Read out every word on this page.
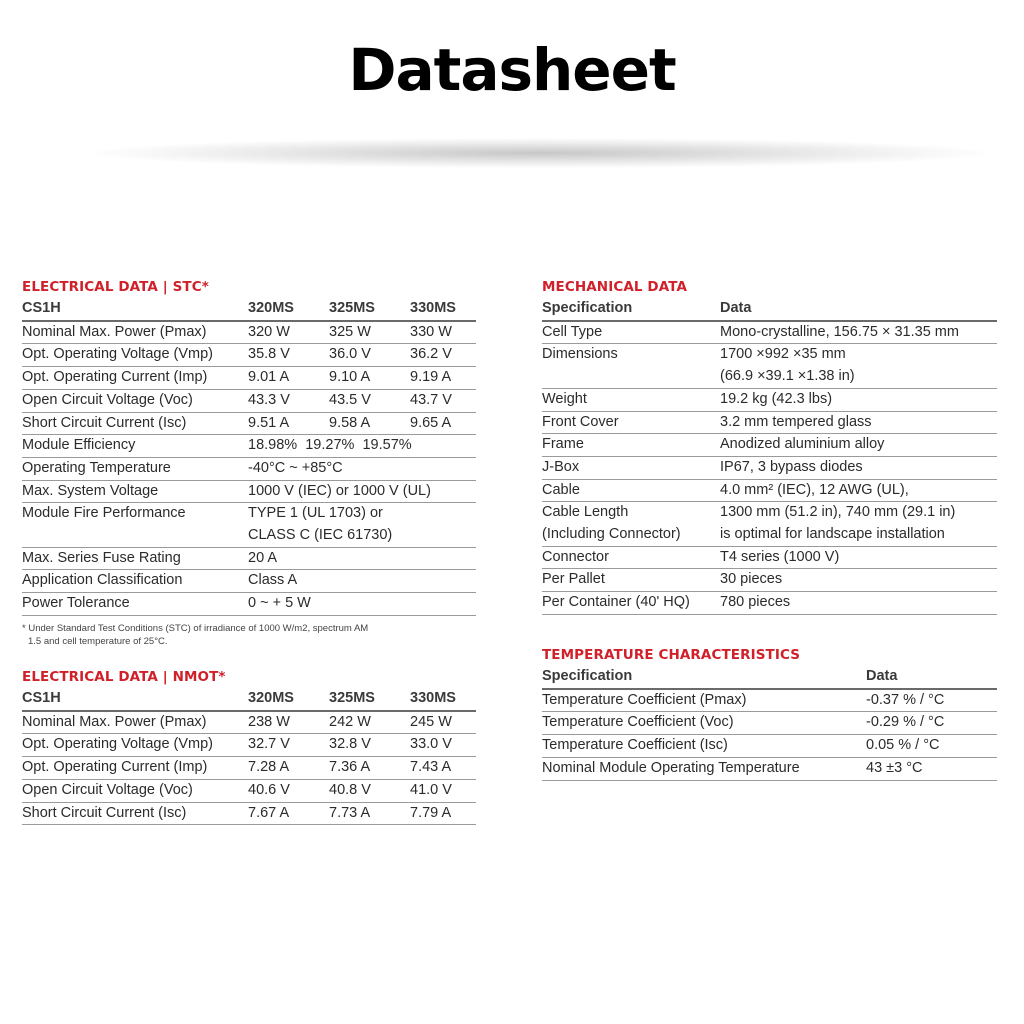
Datasheet
ELECTRICAL DATA | STC*
CS1H	320MS	325MS	330MS
Nominal Max. Power (Pmax)	320 W	325 W	330 W
Opt. Operating Voltage (Vmp)	35.8 V	36.0 V	36.2 V
Opt. Operating Current (Imp)	9.01 A	9.10 A	9.19 A
Open Circuit Voltage (Voc)	43.3 V	43.5 V	43.7 V
Short Circuit Current (Isc)	9.51 A	9.58 A	9.65 A
Module Efficiency	18.98%  19.27%  19.57%		
Operating Temperature	-40°C ~ +85°C		
Max. System Voltage	1000 V (IEC) or 1000 V (UL)		
Module Fire Performance	TYPE 1 (UL 1703) or		
	CLASS C (IEC 61730)		
Max. Series Fuse Rating	20 A		
Application Classification	Class A		
Power Tolerance	0 ~ + 5 W		
* Under Standard Test Conditions (STC) of irradiance of 1000 W/m2, spectrum AM
1.5 and cell temperature of 25°C.
ELECTRICAL DATA | NMOT*
CS1H	320MS	325MS	330MS
Nominal Max. Power (Pmax)	238 W	242 W	245 W
Opt. Operating Voltage (Vmp)	32.7 V	32.8 V	33.0 V
Opt. Operating Current (Imp)	7.28 A	7.36 A	7.43 A
Open Circuit Voltage (Voc)	40.6 V	40.8 V	41.0 V
Short Circuit Current (Isc)	7.67 A	7.73 A	7.79 A
MECHANICAL DATA
Specification	Data
Cell Type	Mono-crystalline, 156.75 × 31.35 mm
Dimensions	1700 ×992 ×35 mm
	(66.9 ×39.1 ×1.38 in)
Weight	19.2 kg (42.3 lbs)
Front Cover	3.2 mm tempered glass
Frame	Anodized aluminium alloy
J-Box	IP67, 3 bypass diodes
Cable	4.0 mm² (IEC), 12 AWG (UL),
Cable Length	1300 mm (51.2 in), 740 mm (29.1 in)
(Including Connector)	is optimal for landscape installation
Connector	T4 series (1000 V)
Per Pallet	30 pieces
Per Container (40' HQ)	780 pieces
TEMPERATURE CHARACTERISTICS
Specification	Data
Temperature Coefficient (Pmax)	-0.37 % / °C
Temperature Coefficient (Voc)	-0.29 % / °C
Temperature Coefficient (Isc)	0.05 % / °C
Nominal Module Operating Temperature	43 ±3 °C
